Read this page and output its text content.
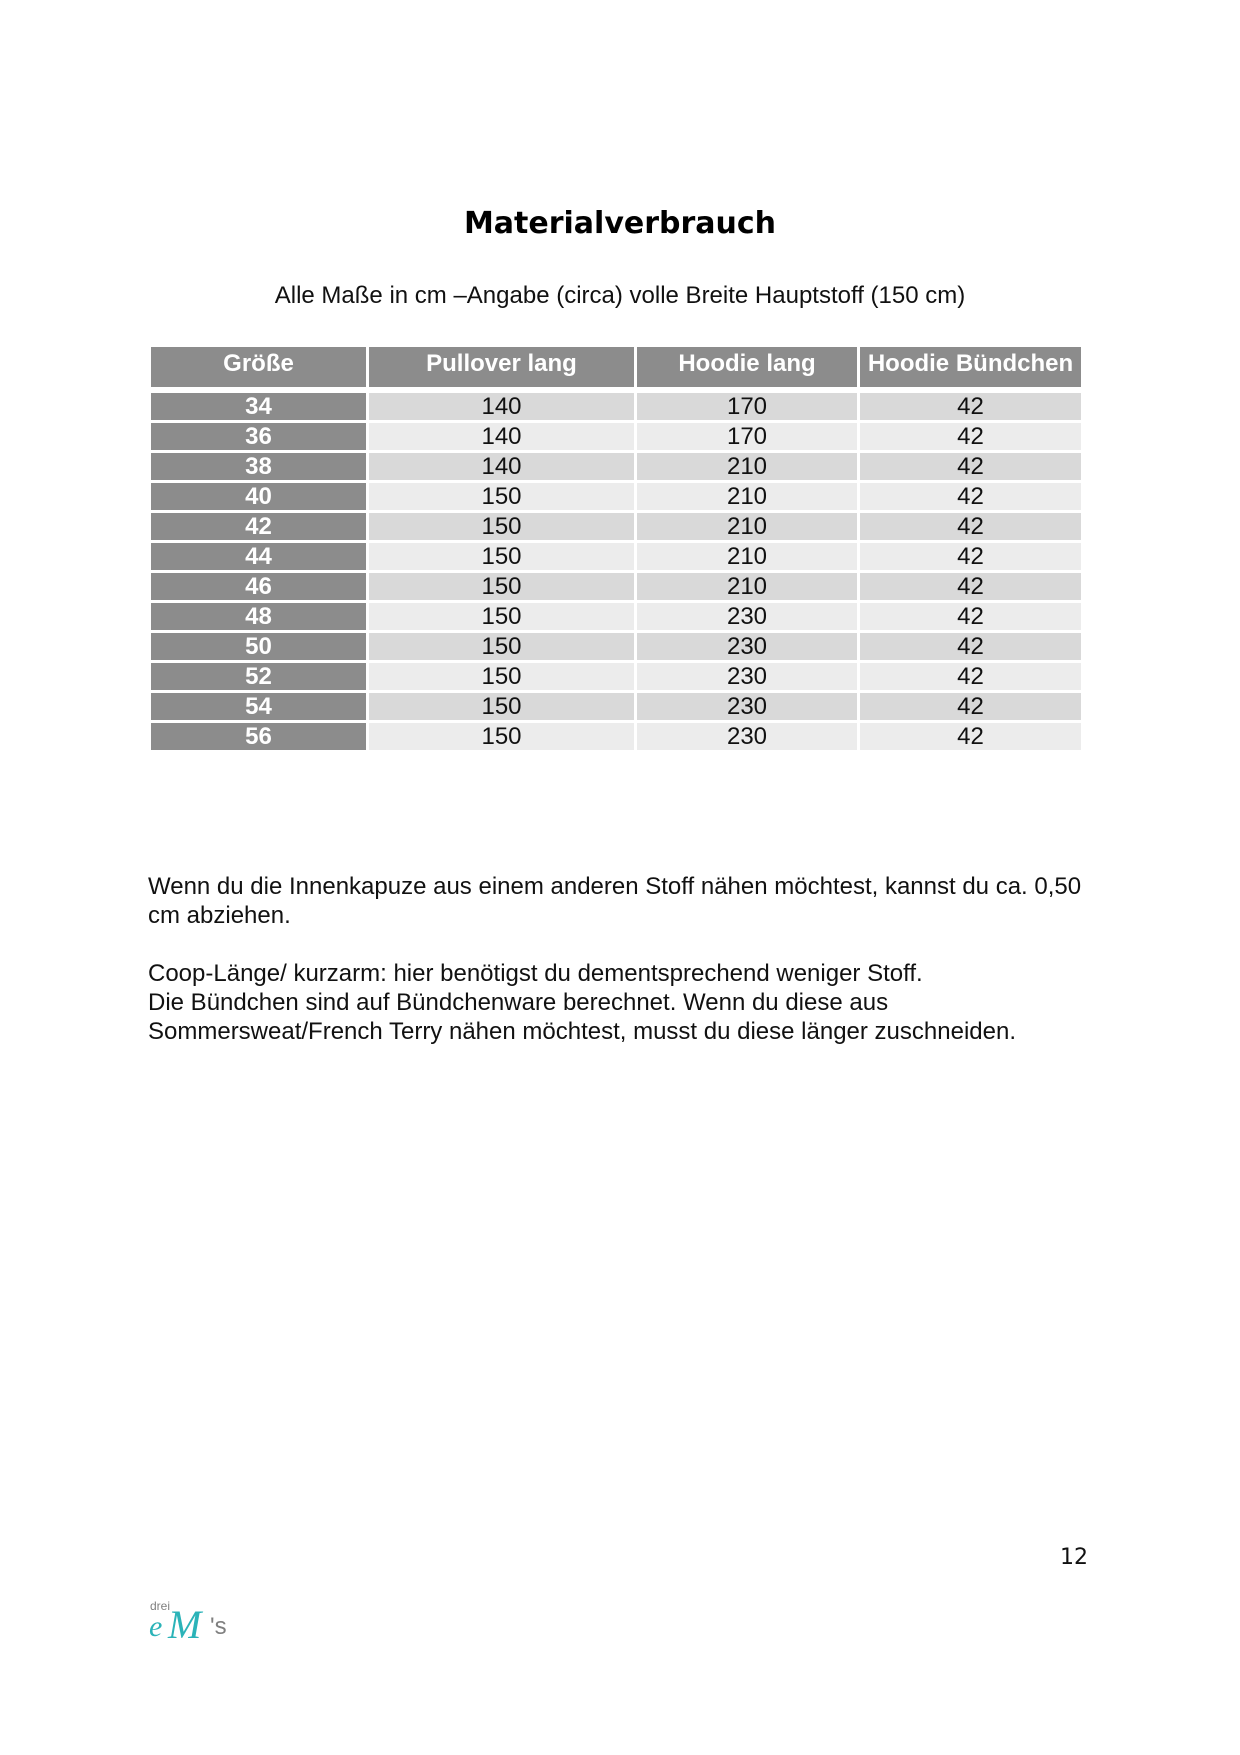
Materialverbrauch

Alle Maße in cm –Angabe (circa) volle Breite Hauptstoff (150 cm)

Größe	Pullover lang	Hoodie lang	Hoodie Bündchen

34	140	170	42
36	140	170	42
38	140	210	42
40	150	210	42
42	150	210	42
44	150	210	42
46	150	210	42
48	150	230	42
50	150	230	42
52	150	230	42
54	150	230	42
56	150	230	42

Wenn du die Innenkapuze aus einem anderen Stoff nähen möchtest, kannst du ca. 0,50 cm abziehen.

Coop-Länge/ kurzarm: hier benötigst du dementsprechend weniger Stoff.
Die Bündchen sind auf Bündchenware berechnet. Wenn du diese aus Sommersweat/French Terry nähen möchtest, musst du diese länger zuschneiden.

12
drei
e M 's
